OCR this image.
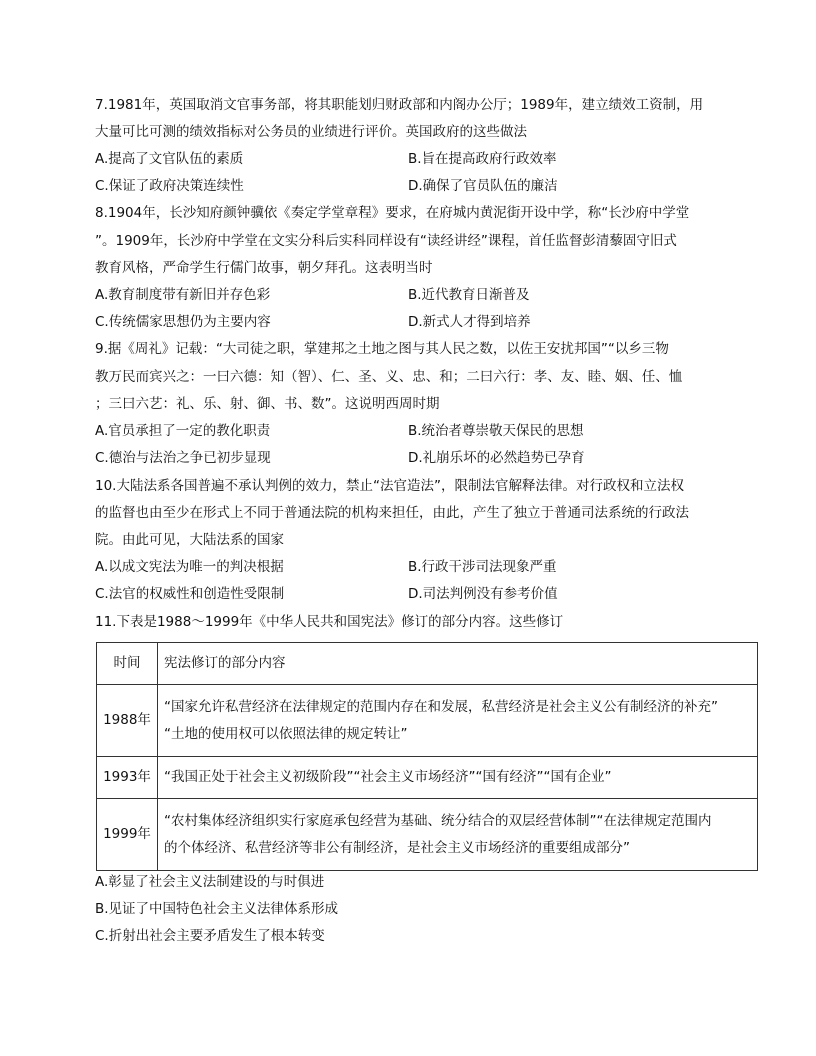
7.1981年，英国取消文官事务部，将其职能划归财政部和内阁办公厅；1989年，建立绩效工资制，用
大量可比可测的绩效指标对公务员的业绩进行评价。英国政府的这些做法
A.提高了文官队伍的素质	B.旨在提高政府行政效率
C.保证了政府决策连续性	D.确保了官员队伍的廉洁
8.1904年，长沙知府颜钟骥依《奏定学堂章程》要求，在府城内黄泥街开设中学，称“长沙府中学堂
”。1909年，长沙府中学堂在文实分科后实科同样设有“读经讲经”课程，首任监督彭清藜固守旧式
教育风格，严命学生行儒门故事，朝夕拜孔。这表明当时
A.教育制度带有新旧并存色彩	B.近代教育日渐普及
C.传统儒家思想仍为主要内容	D.新式人才得到培养
9.据《周礼》记载：“大司徒之职，掌建邦之土地之图与其人民之数，以佐王安扰邦国”“以乡三物
教万民而宾兴之：一曰六德：知（智）、仁、圣、义、忠、和；二曰六行：孝、友、睦、姻、任、恤
；三曰六艺：礼、乐、射、御、书、数”。这说明西周时期
A.官员承担了一定的教化职责	B.统治者尊崇敬天保民的思想
C.德治与法治之争已初步显现	D.礼崩乐坏的必然趋势已孕育
10.大陆法系各国普遍不承认判例的效力，禁止“法官造法”，限制法官解释法律。对行政权和立法权
的监督也由至少在形式上不同于普通法院的机构来担任，由此，产生了独立于普通司法系统的行政法
院。由此可见，大陆法系的国家
A.以成文宪法为唯一的判决根据	B.行政干涉司法现象严重
C.法官的权威性和创造性受限制	D.司法判例没有参考价值
11.下表是1988～1999年《中华人民共和国宪法》修订的部分内容。这些修订
时间	宪法修订的部分内容
1988年	“国家允许私营经济在法律规定的范围内存在和发展，私营经济是社会主义公有制经济的补充”
“土地的使用权可以依照法律的规定转让”

1993年	“我国正处于社会主义初级阶段”“社会主义市场经济”“国有经济”“国有企业”

1999年	“农村集体经济组织实行家庭承包经营为基础、统分结合的双层经营体制”“在法律规定范围内
的个体经济、私营经济等非公有制经济，是社会主义市场经济的重要组成部分”
A.彰显了社会主义法制建设的与时俱进
B.见证了中国特色社会主义法律体系形成
C.折射出社会主要矛盾发生了根本转变
